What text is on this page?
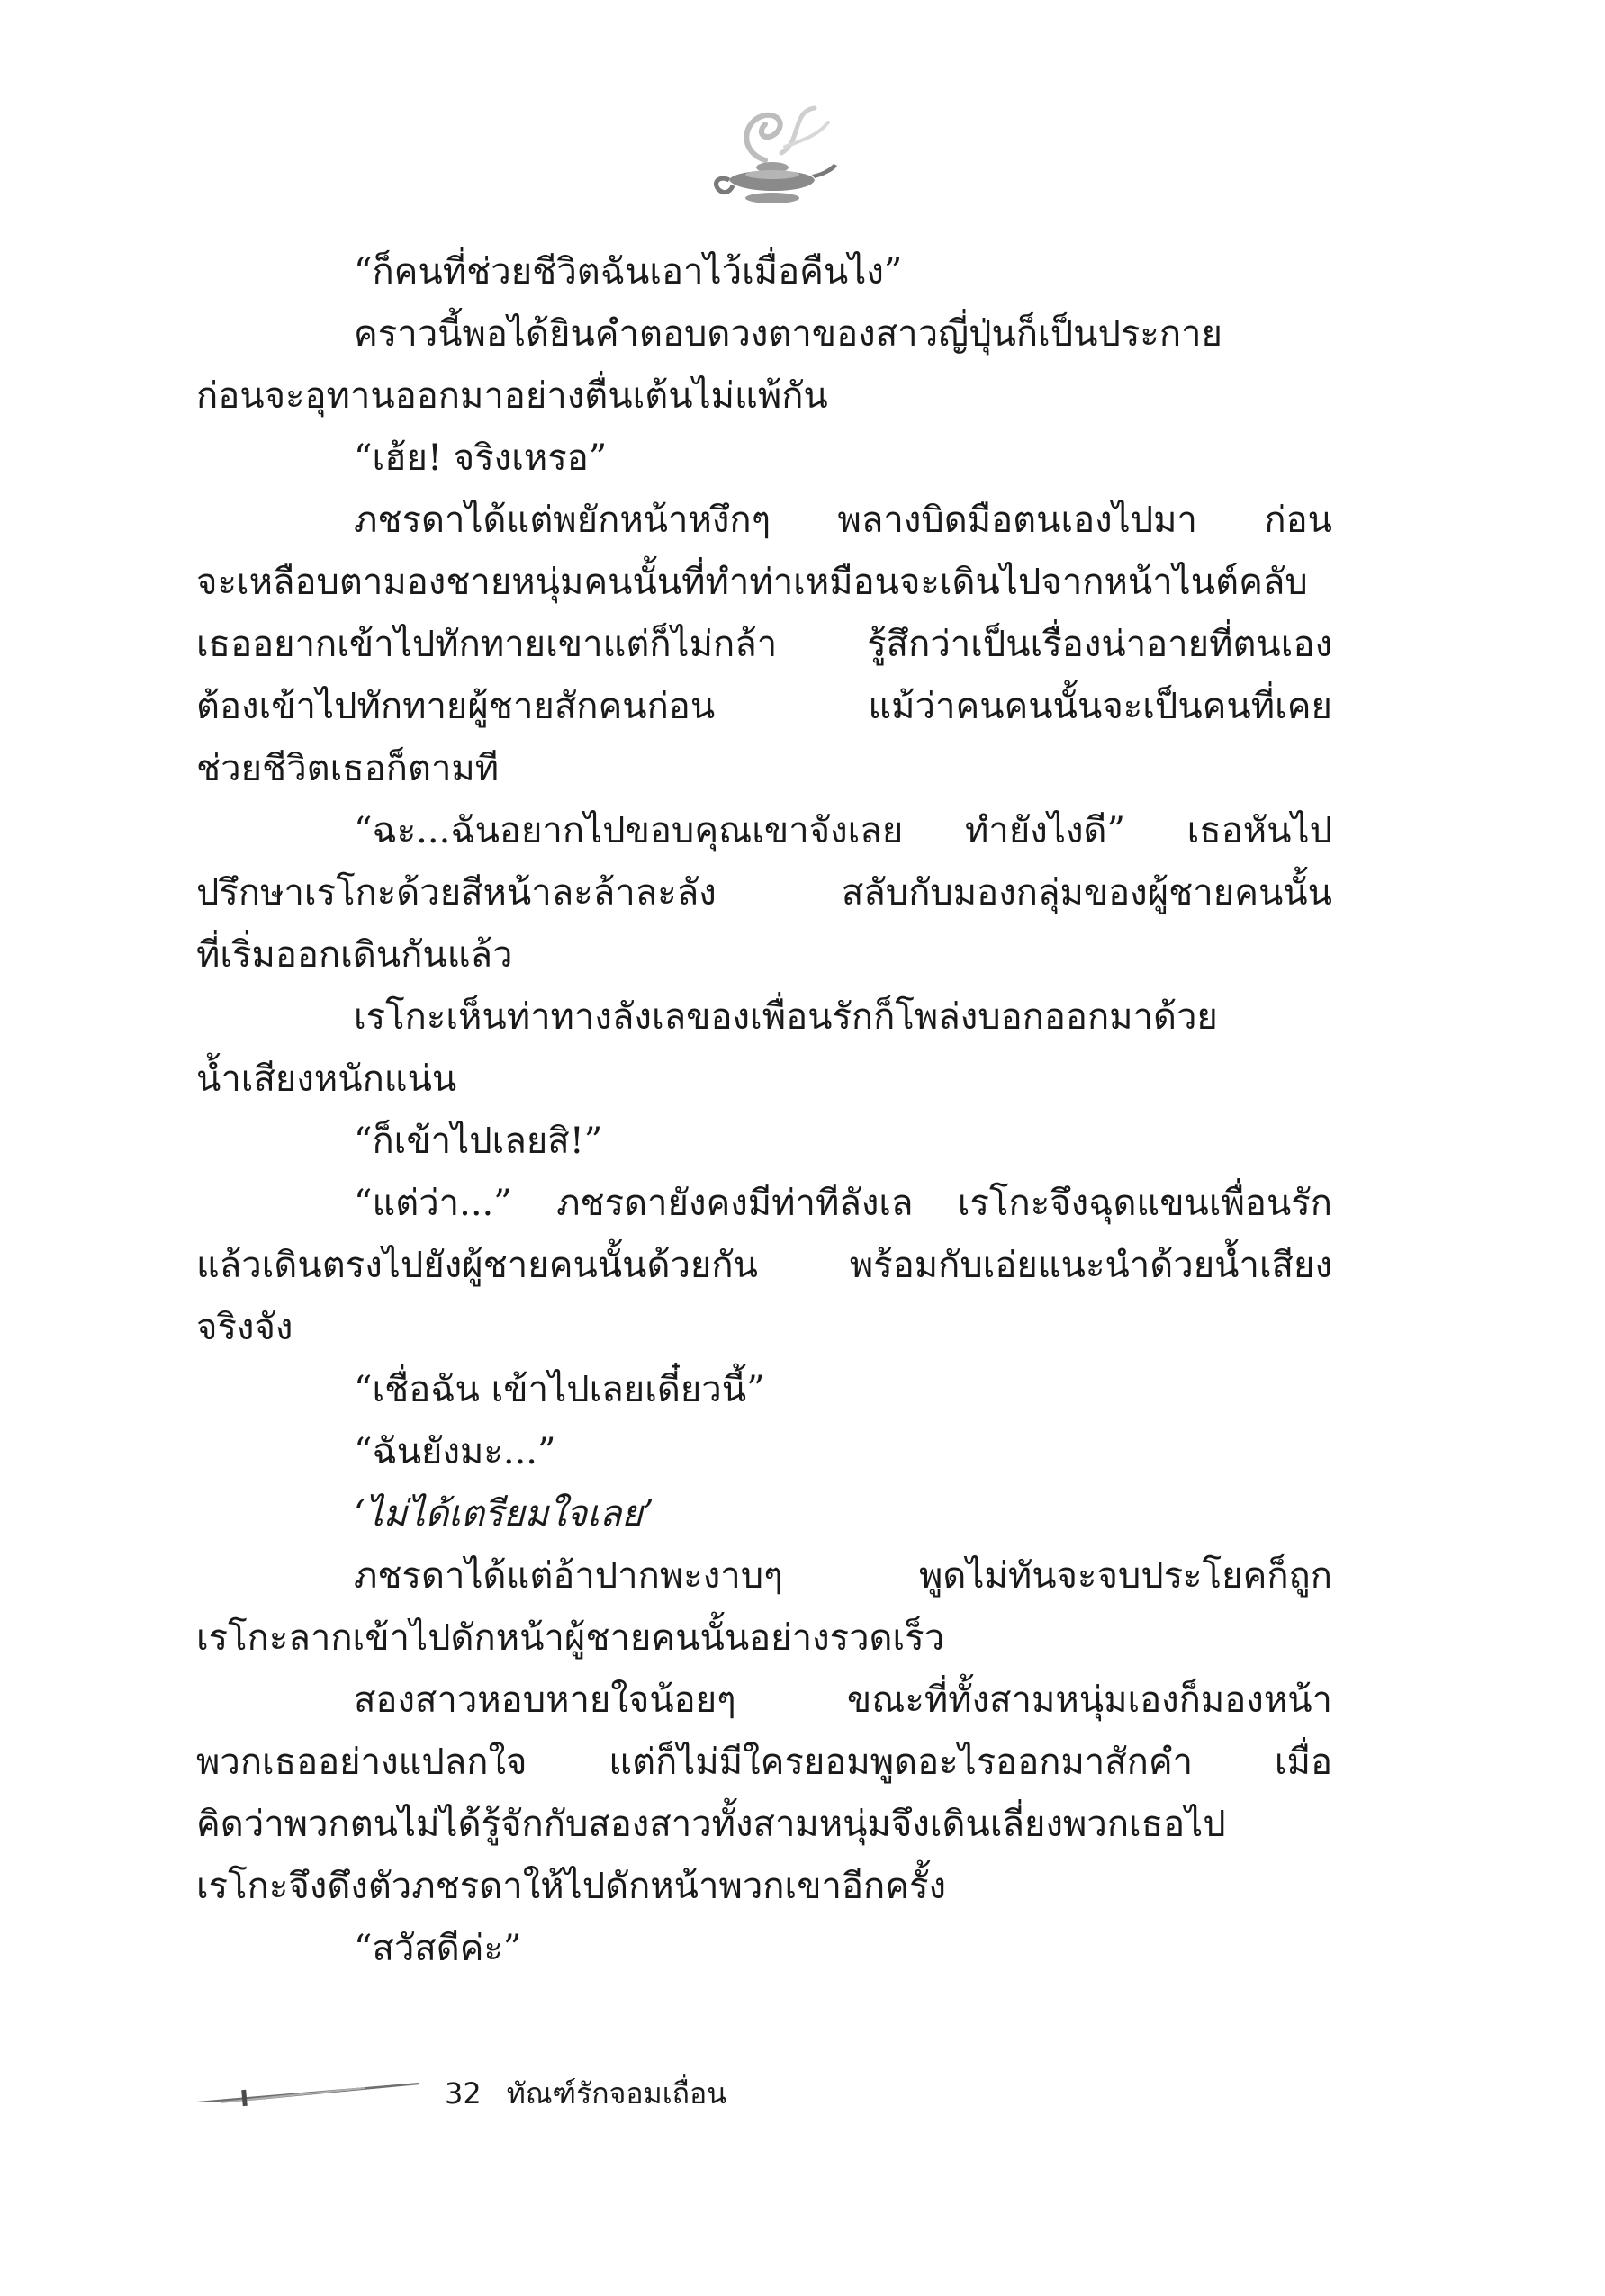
“ก็คนที่ช่วยชีวิตฉันเอาไว้เมื่อคืนไง”
คราวนี้พอได้ยินคำตอบดวงตาของสาวญี่ปุ่นก็เป็นประกาย
ก่อนจะอุทานออกมาอย่างตื่นเต้นไม่แพ้กัน
“เฮ้ย! จริงเหรอ”
ภชรดาได้แต่พยักหน้าหงึกๆ พลางบิดมือตนเองไปมา ก่อน
จะเหลือบตามองชายหนุ่มคนนั้นที่ทำท่าเหมือนจะเดินไปจากหน้าไนต์คลับ
เธออยากเข้าไปทักทายเขาแต่ก็ไม่กล้า รู้สึกว่าเป็นเรื่องน่าอายที่ตนเอง
ต้องเข้าไปทักทายผู้ชายสักคนก่อน แม้ว่าคนคนนั้นจะเป็นคนที่เคย
ช่วยชีวิตเธอก็ตามที
“ฉะ...ฉันอยากไปขอบคุณเขาจังเลย ทำยังไงดี” เธอหันไป
ปรึกษาเรโกะด้วยสีหน้าละล้าละลัง สลับกับมองกลุ่มของผู้ชายคนนั้น
ที่เริ่มออกเดินกันแล้ว
เรโกะเห็นท่าทางลังเลของเพื่อนรักก็โพล่งบอกออกมาด้วย
น้ำเสียงหนักแน่น
“ก็เข้าไปเลยสิ!”
“แต่ว่า...” ภชรดายังคงมีท่าทีลังเล เรโกะจึงฉุดแขนเพื่อนรัก
แล้วเดินตรงไปยังผู้ชายคนนั้นด้วยกัน พร้อมกับเอ่ยแนะนำด้วยน้ำเสียง
จริงจัง
“เชื่อฉัน เข้าไปเลยเดี๋ยวนี้”
“ฉันยังมะ...”
‘ไม่ได้เตรียมใจเลย’
ภชรดาได้แต่อ้าปากพะงาบๆ พูดไม่ทันจะจบประโยคก็ถูก
เรโกะลากเข้าไปดักหน้าผู้ชายคนนั้นอย่างรวดเร็ว
สองสาวหอบหายใจน้อยๆ ขณะที่ทั้งสามหนุ่มเองก็มองหน้า
พวกเธออย่างแปลกใจ แต่ก็ไม่มีใครยอมพูดอะไรออกมาสักคำ เมื่อ
คิดว่าพวกตนไม่ได้รู้จักกับสองสาวทั้งสามหนุ่มจึงเดินเลี่ยงพวกเธอไป
เรโกะจึงดึงตัวภชรดาให้ไปดักหน้าพวกเขาอีกครั้ง
“สวัสดีค่ะ”
32 ทัณฑ์รักจอมเถื่อน
